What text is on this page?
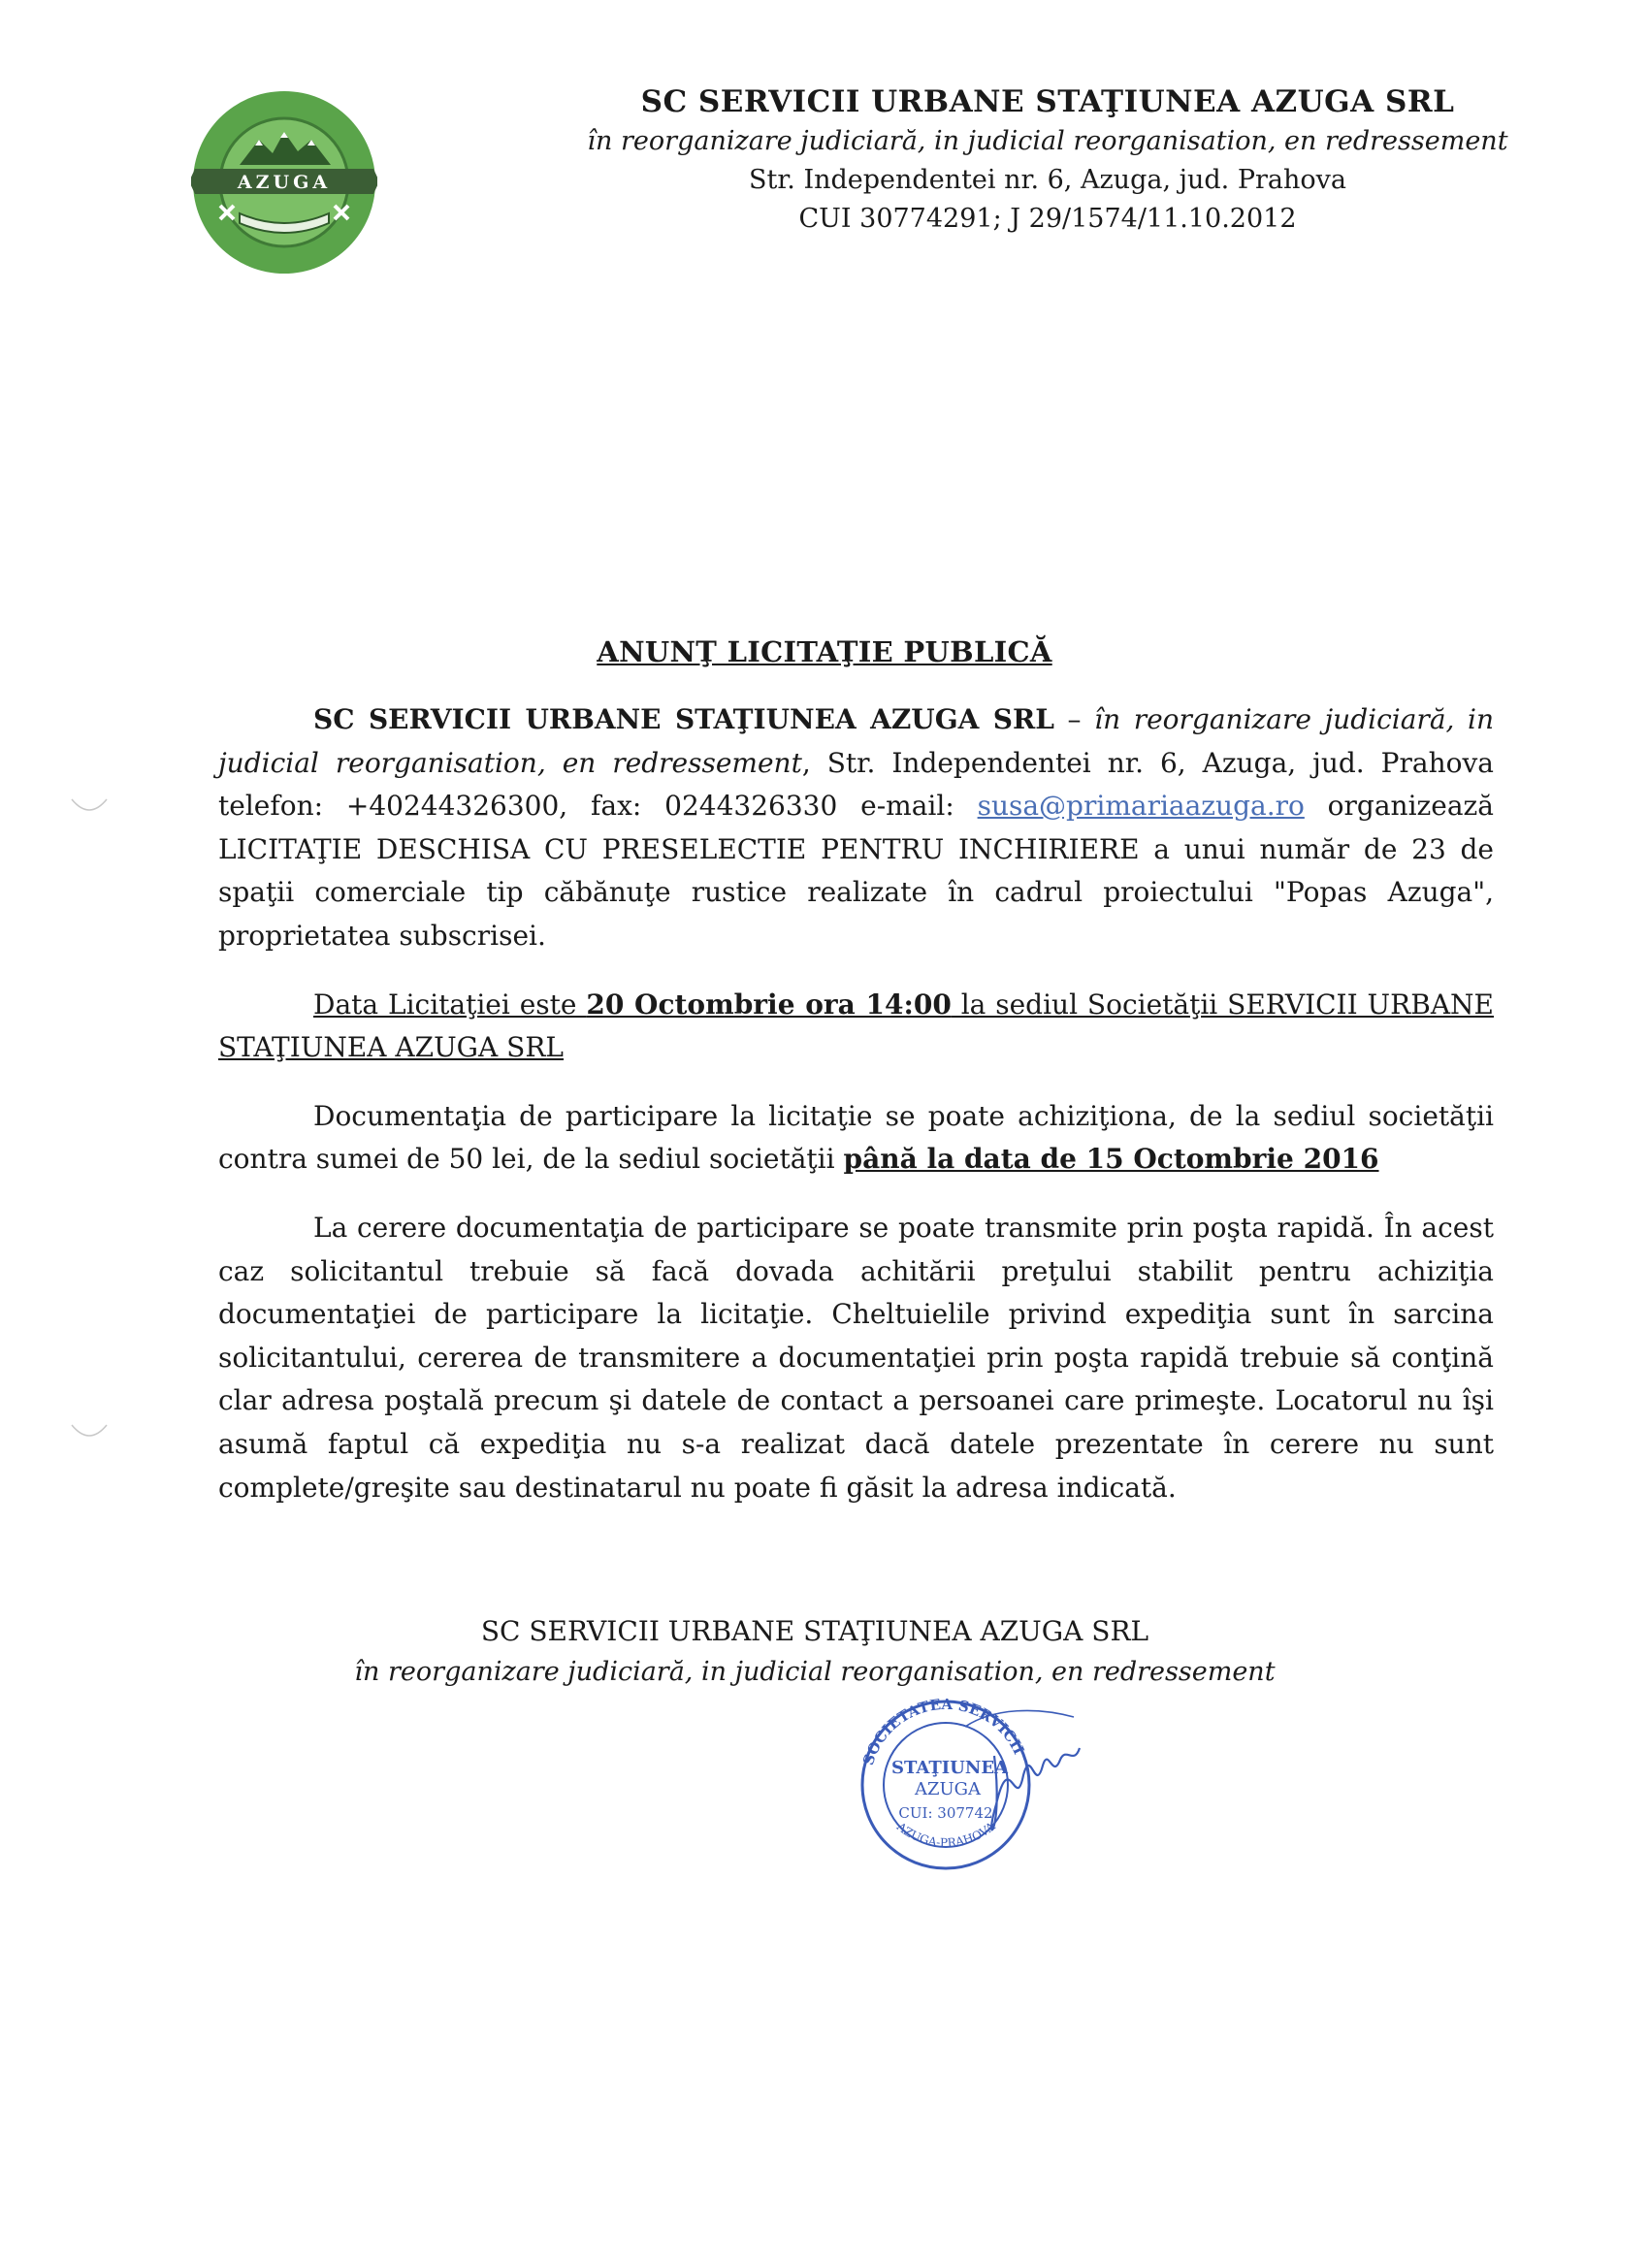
AZUGA
SC SERVICII URBANE STAŢIUNEA AZUGA SRL
în reorganizare judiciară, in judicial reorganisation, en redressement
Str. Independentei nr. 6, Azuga, jud. Prahova
CUI 30774291; J 29/1574/11.10.2012
ANUNŢ LICITAŢIE PUBLICĂ

SC SERVICII URBANE STAŢIUNEA AZUGA SRL – în reorganizare judiciară, in judicial reorganisation, en redressement, Str. Independentei nr. 6, Azuga, jud. Prahova telefon: +40244326300, fax: 0244326330 e-mail: susa@primariaazuga.ro organizează LICITAŢIE DESCHISA CU PRESELECTIE PENTRU INCHIRIERE a unui număr de 23 de spaţii comerciale tip căbănuţe rustice realizate în cadrul proiectului "Popas Azuga", proprietatea subscrisei.

Data Licitaţiei este 20 Octombrie ora 14:00 la sediul Societăţii SERVICII URBANE STAŢIUNEA AZUGA SRL

Documentaţia de participare la licitaţie se poate achiziţiona, de la sediul societăţii contra sumei de 50 lei, de la sediul societăţii până la data de 15 Octombrie 2016

La cerere documentaţia de participare se poate transmite prin poşta rapidă. În acest caz solicitantul trebuie să facă dovada achitării preţului stabilit pentru achiziţia documentaţiei de participare la licitaţie. Cheltuielile privind expediţia sunt în sarcina solicitantului, cererea de transmitere a documentaţiei prin poşta rapidă trebuie să conţină clar adresa poştală precum şi datele de contact a persoanei care primeşte. Locatorul nu îşi asumă faptul că expediţia nu s-a realizat dacă datele prezentate în cerere nu sunt complete/greşite sau destinatarul nu poate fi găsit la adresa indicată.

SC SERVICII URBANE STAŢIUNEA AZUGA SRL
în reorganizare judiciară, in judicial reorganisation, en redressement
SOCIETATEA SERVICII
AZUGA-PRAHOVA
STAŢIUNEA
AZUGA
CUI: 307742
